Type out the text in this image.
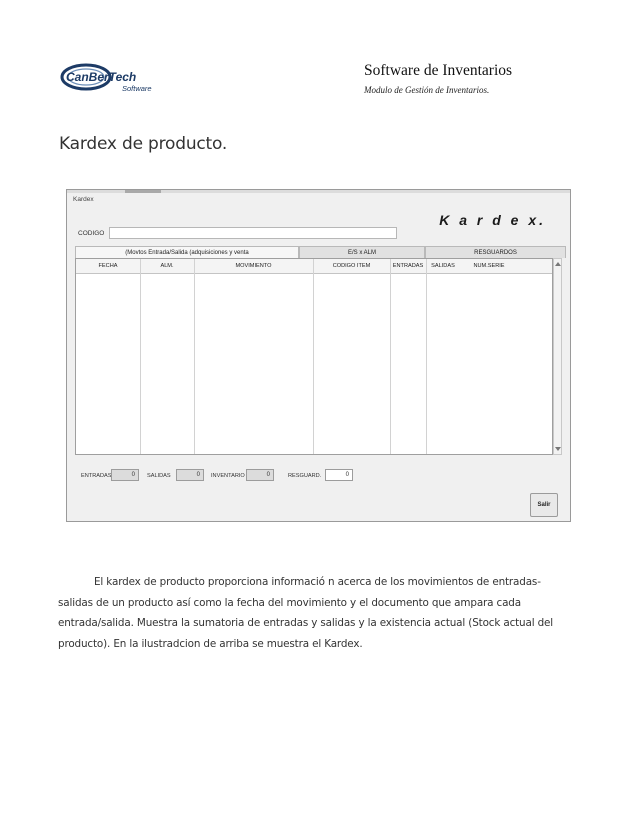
CanBerTech
Software
Software de Inventarios
Modulo de Gestión de Inventarios.
Kardex de producto.
Kardex
K a r d e x.
CODIGO
(Movtos Entrada/Salida (adquisiciones y venta	E/S x ALM	RESGUARDOS
FECHA	ALM.	MOVIMIENTO	CODIGO ITEM	ENTRADAS	SALIDAS	NUM.SERIE
ENTRADAS	0	SALIDAS	0	INVENTARIO	0	RESGUARD.	0
Salir
El kardex de producto proporciona informació n acerca de los movimientos de entradas-
salidas de un producto así como la fecha del movimiento y el documento que ampara cada
entrada/salida. Muestra la sumatoria de entradas y salidas y la existencia actual (Stock actual del
producto). En la ilustradcion de arriba se muestra el Kardex.
